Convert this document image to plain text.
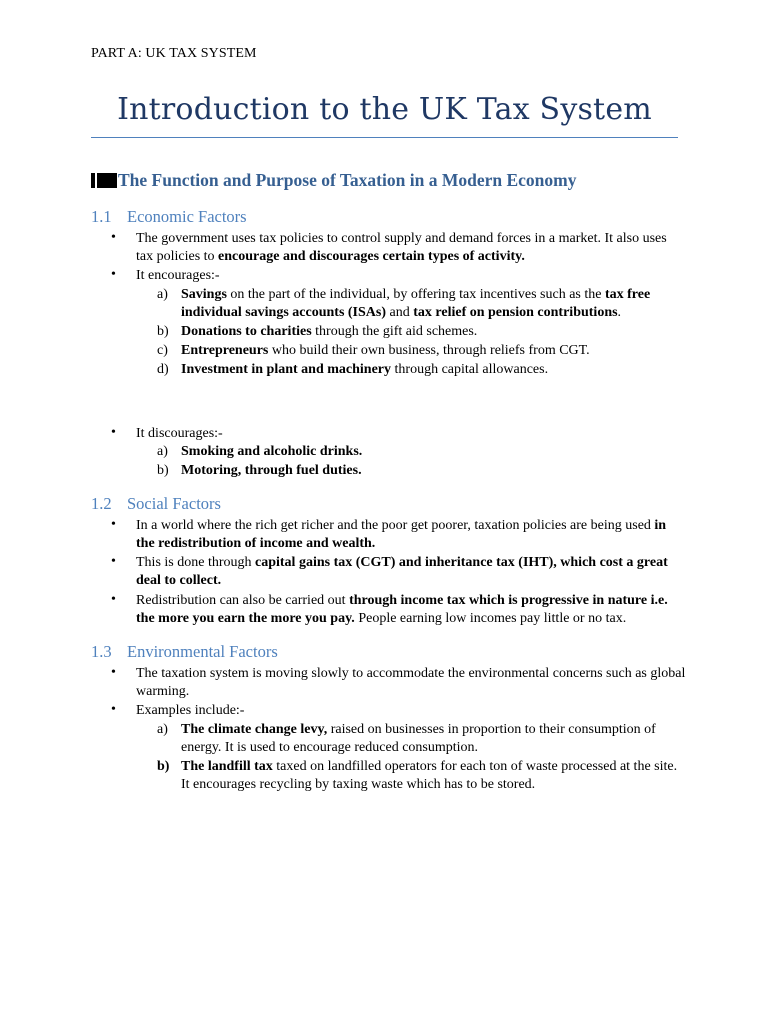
PART A: UK TAX SYSTEM
Introduction to the UK Tax System
The Function and Purpose of Taxation in a Modern Economy
1.1 Economic Factors
• The government uses tax policies to control supply and demand forces in a market. It also uses
tax policies to encourage and discourages certain types of activity.
• It encourages:-
a) Savings on the part of the individual, by offering tax incentives such as the tax free
individual savings accounts (ISAs) and tax relief on pension contributions.
b) Donations to charities through the gift aid schemes.
c) Entrepreneurs who build their own business, through reliefs from CGT.
d) Investment in plant and machinery through capital allowances.
• It discourages:-
a) Smoking and alcoholic drinks.
b) Motoring, through fuel duties.
1.2 Social Factors
• In a world where the rich get richer and the poor get poorer, taxation policies are being used in
the redistribution of income and wealth.
• This is done through capital gains tax (CGT) and inheritance tax (IHT), which cost a great
deal to collect.
• Redistribution can also be carried out through income tax which is progressive in nature i.e.
the more you earn the more you pay. People earning low incomes pay little or no tax.
1.3 Environmental Factors
• The taxation system is moving slowly to accommodate the environmental concerns such as global
warming.
• Examples include:-
a) The climate change levy, raised on businesses in proportion to their consumption of
energy. It is used to encourage reduced consumption.
b) The landfill tax taxed on landfilled operators for each ton of waste processed at the site.
It encourages recycling by taxing waste which has to be stored.
